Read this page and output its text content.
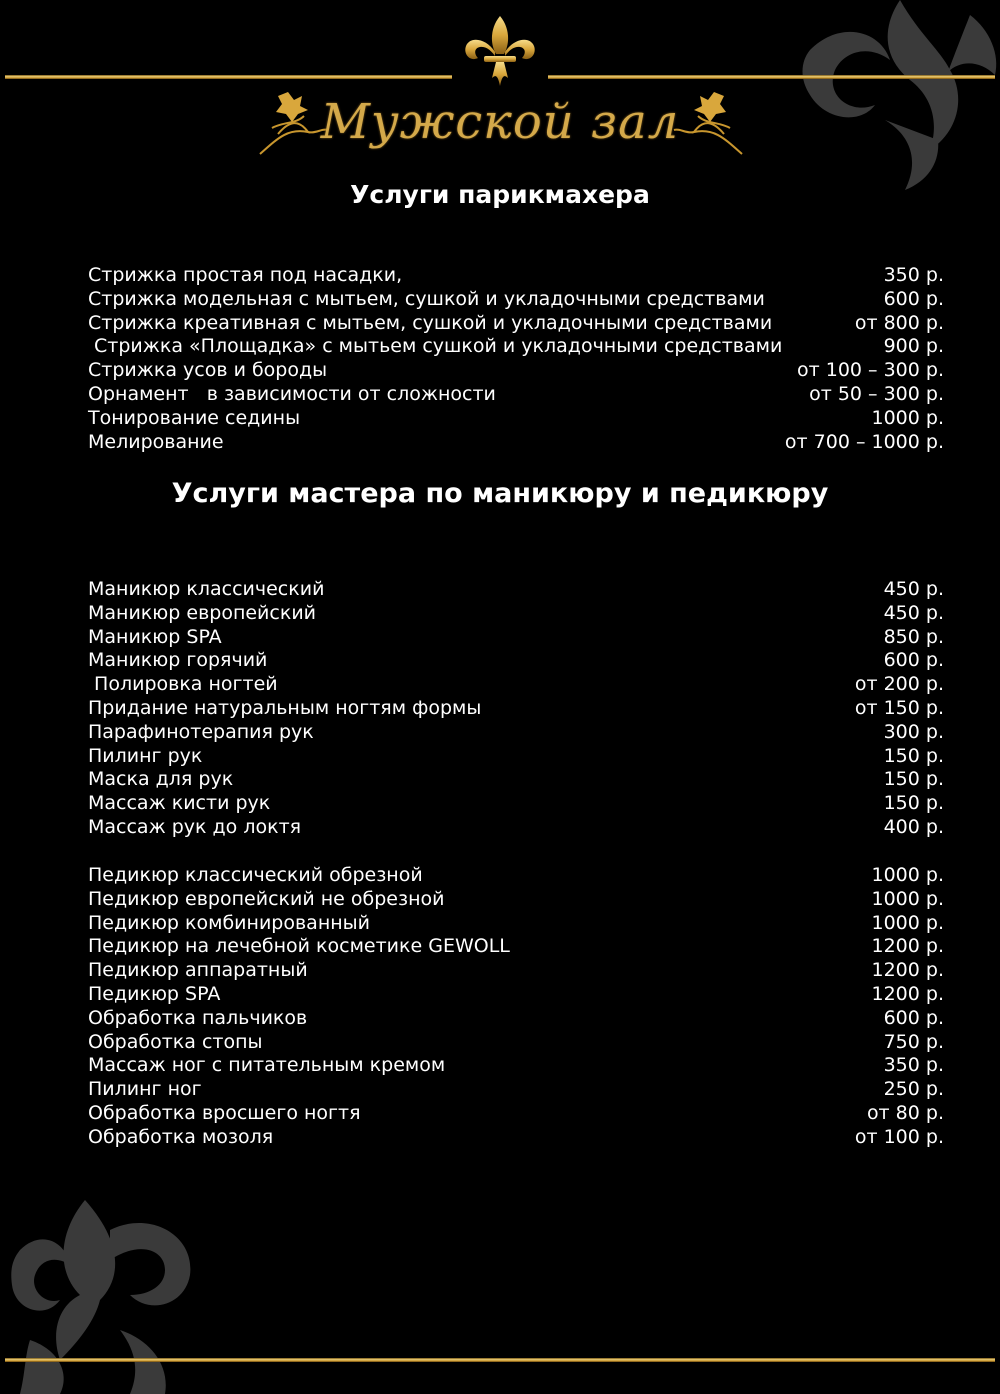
Мужской зал
Услуги парикмахера
Стрижка простая под насадки,	350 р.
Стрижка модельная с мытьем, сушкой и укладочными средствами	600 р.
Стрижка креативная с мытьем, сушкой и укладочными средствами	от 800 р.
Стрижка «Площадка» с мытьем сушкой и укладочными средствами	900 р.
Стрижка усов и бороды	от 100 – 300 р.
Орнамент   в зависимости от сложности	от 50 – 300 р.
Тонирование седины	1000 р.
Мелирование	от 700 – 1000 р.
Услуги мастера по маникюру и педикюру
Маникюр классический	450 р.
Маникюр европейский	450 р.
Маникюр SPA	850 р.
Маникюр горячий	600 р.
Полировка ногтей	от 200 р.
Придание натуральным ногтям формы	от 150 р.
Парафинотерапия рук	300 р.
Пилинг рук	150 р.
Маска для рук	150 р.
Массаж кисти рук	150 р.
Массаж рук до локтя	400 р.
Педикюр классический обрезной	1000 р.
Педикюр европейский не обрезной	1000 р.
Педикюр комбинированный	1000 р.
Педикюр на лечебной косметике GEWOLL	1200 р.
Педикюр аппаратный	1200 р.
Педикюр SPA	1200 р.
Обработка пальчиков	600 р.
Обработка стопы	750 р.
Массаж ног с питательным кремом	350 р.
Пилинг ног	250 р.
Обработка вросшего ногтя	от 80 р.
Обработка мозоля	от 100 р.
